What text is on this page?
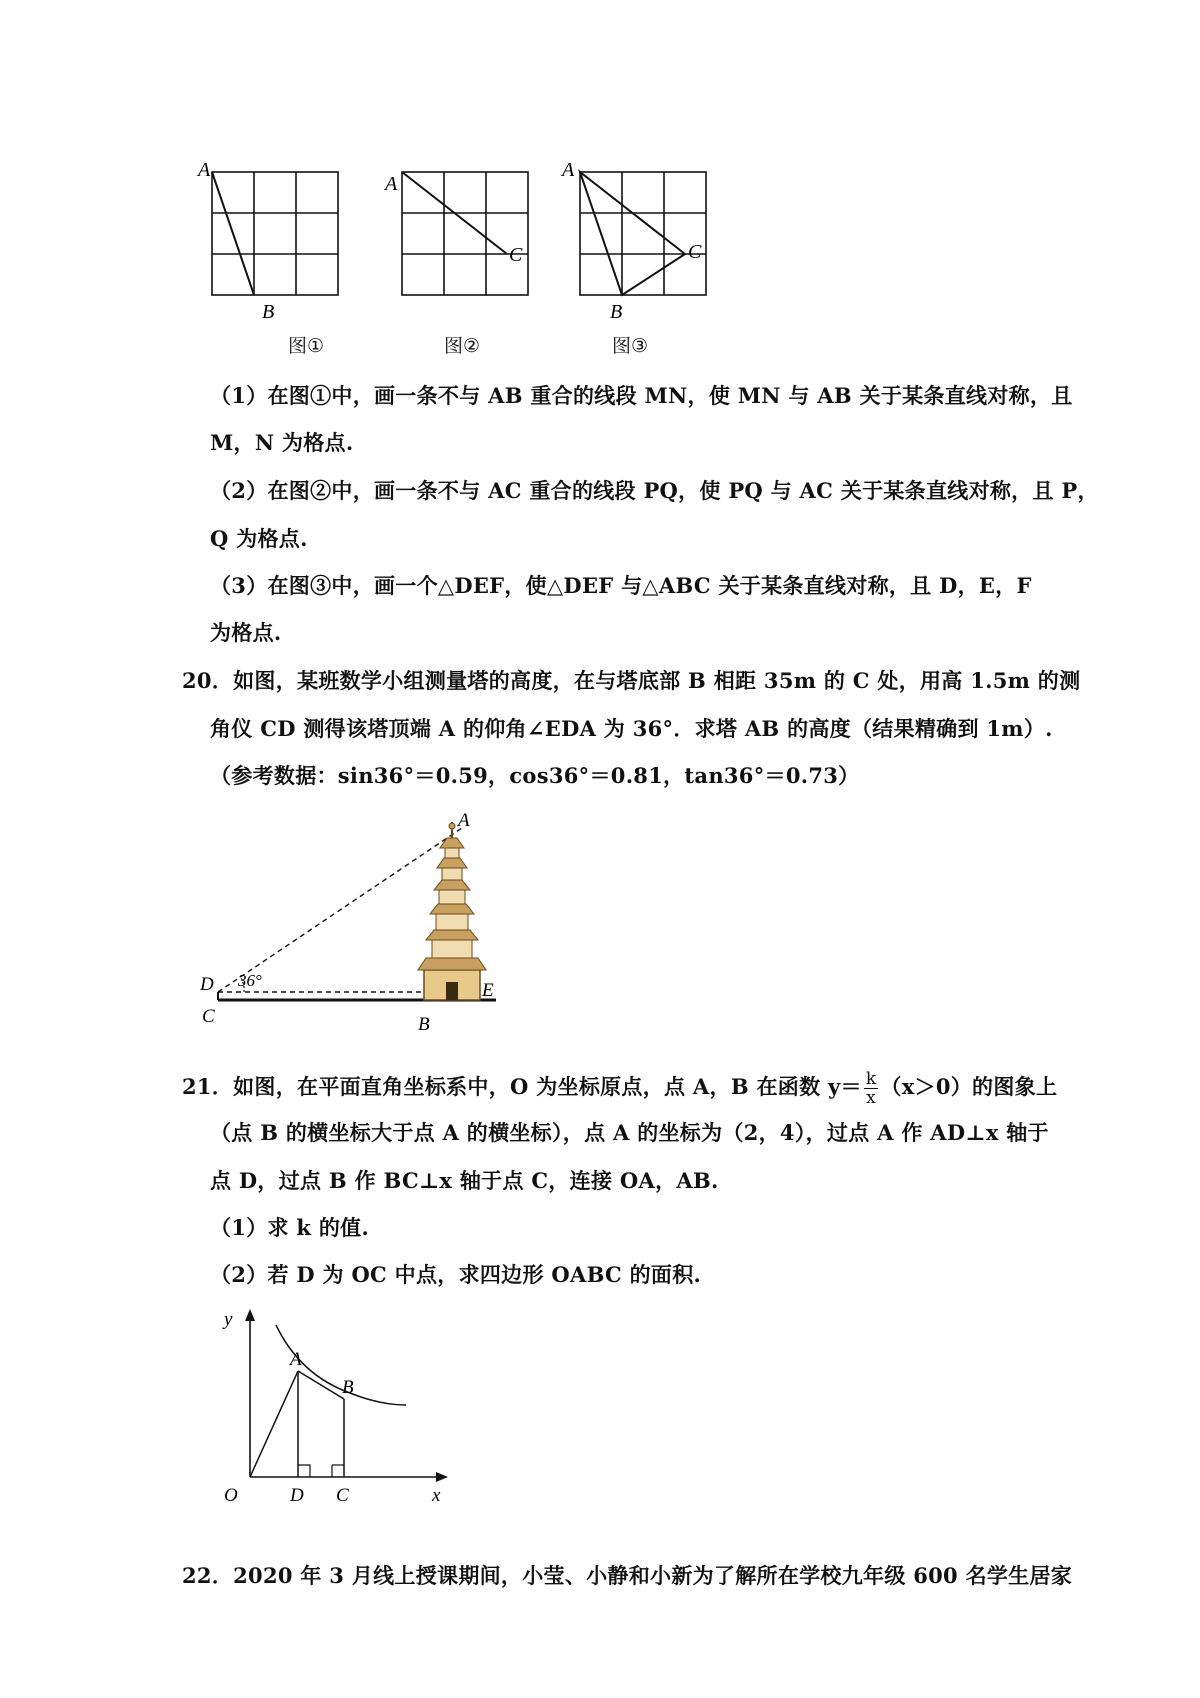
A
B
A
C
A
B
C
图①	图②	图③
（1）在图①中，画一条不与 AB 重合的线段 MN，使 MN 与 AB 关于某条直线对称，且
M，N 为格点.
（2）在图②中，画一条不与 AC 重合的线段 PQ，使 PQ 与 AC 关于某条直线对称，且 P，
Q 为格点.
（3）在图③中，画一个△DEF，使△DEF 与△ABC 关于某条直线对称，且 D，E，F
为格点.
20．如图，某班数学小组测量塔的高度，在与塔底部 B 相距 35m 的 C 处，用高 1.5m 的测
角仪 CD 测得该塔顶端 A 的仰角∠EDA 为 36°．求塔 AB 的高度（结果精确到 1m）.
（参考数据：sin36°＝0.59，cos36°＝0.81，tan36°＝0.73）
A
D
C	B
E
36°
21．如图，在平面直角坐标系中，O 为坐标原点，点 A，B 在函数 $y= \frac{k}{x} (x>0)$的图象上
（点 B 的横坐标大于点 A 的横坐标），点 A 的坐标为（2，4），过点 A 作 AD⊥x 轴于
点 D，过点 B 作 BC⊥x 轴于点 C，连接 OA，AB.
（1）求 k 的值.
（2）若 D 为 OC 中点，求四边形 OABC 的面积.
y
x
O
A
B
D C
22．2020 年 3 月线上授课期间，小莹、小静和小新为了解所在学校九年级 600 名学生居家
